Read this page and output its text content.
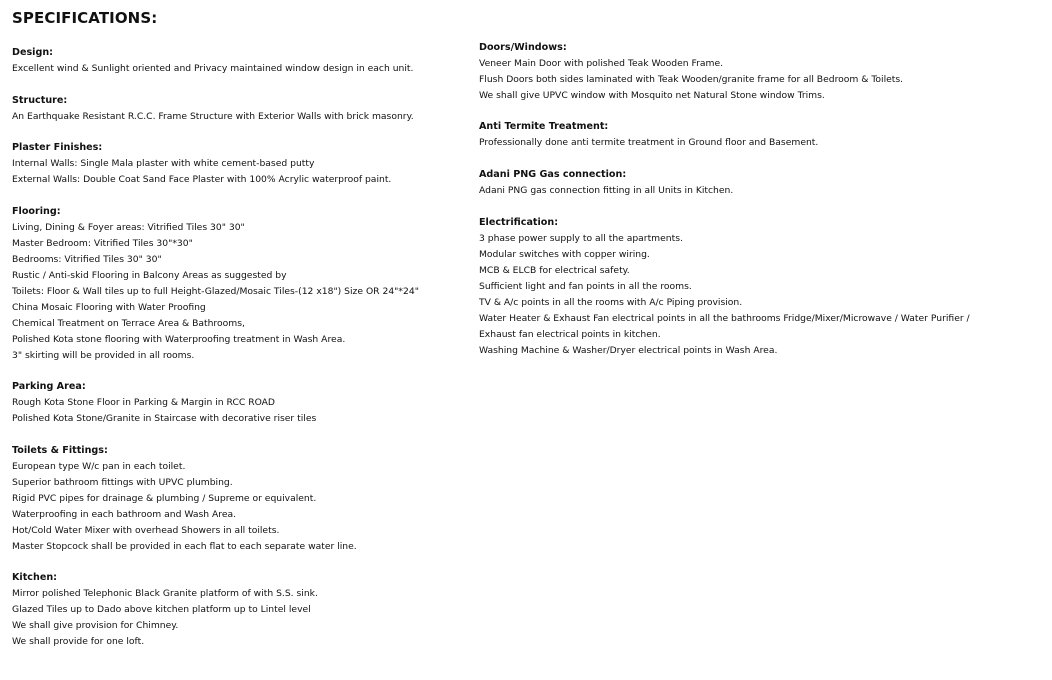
SPECIFICATIONS:
Design:
Excellent wind & Sunlight oriented and Privacy maintained window design in each unit.
Structure:
An Earthquake Resistant R.C.C. Frame Structure with Exterior Walls with brick masonry.
Plaster Finishes:
Internal Walls: Single Mala plaster with white cement-based putty
External Walls: Double Coat Sand Face Plaster with 100% Acrylic waterproof paint.
Flooring:
Living, Dining & Foyer areas: Vitrified Tiles 30" 30"
Master Bedroom: Vitrified Tiles 30"*30"
Bedrooms: Vitrified Tiles 30" 30"
Rustic / Anti-skid Flooring in Balcony Areas as suggested by
Toilets: Floor & Wall tiles up to full Height-Glazed/Mosaic Tiles-(12 x18") Size OR 24"*24"
China Mosaic Flooring with Water Proofing
Chemical Treatment on Terrace Area & Bathrooms,
Polished Kota stone flooring with Waterproofing treatment in Wash Area.
3" skirting will be provided in all rooms.
Parking Area:
Rough Kota Stone Floor in Parking & Margin in RCC ROAD
Polished Kota Stone/Granite in Staircase with decorative riser tiles
Toilets & Fittings:
European type W/c pan in each toilet.
Superior bathroom fittings with UPVC plumbing.
Rigid PVC pipes for drainage & plumbing / Supreme or equivalent.
Waterproofing in each bathroom and Wash Area.
Hot/Cold Water Mixer with overhead Showers in all toilets.
Master Stopcock shall be provided in each flat to each separate water line.
Kitchen:
Mirror polished Telephonic Black Granite platform of with S.S. sink.
Glazed Tiles up to Dado above kitchen platform up to Lintel level
We shall give provision for Chimney.
We shall provide for one loft.
Doors/Windows:
Veneer Main Door with polished Teak Wooden Frame.
Flush Doors both sides laminated with Teak Wooden/granite frame for all Bedroom & Toilets.
We shall give UPVC window with Mosquito net Natural Stone window Trims.
Anti Termite Treatment:
Professionally done anti termite treatment in Ground floor and Basement.
Adani PNG Gas connection:
Adani PNG gas connection fitting in all Units in Kitchen.
Electrification:
3 phase power supply to all the apartments.
Modular switches with copper wiring.
MCB & ELCB for electrical safety.
Sufficient light and fan points in all the rooms.
TV & A/c points in all the rooms with A/c Piping provision.
Water Heater & Exhaust Fan electrical points in all the bathrooms Fridge/Mixer/Microwave / Water Purifier /
Exhaust fan electrical points in kitchen.
Washing Machine & Washer/Dryer electrical points in Wash Area.
